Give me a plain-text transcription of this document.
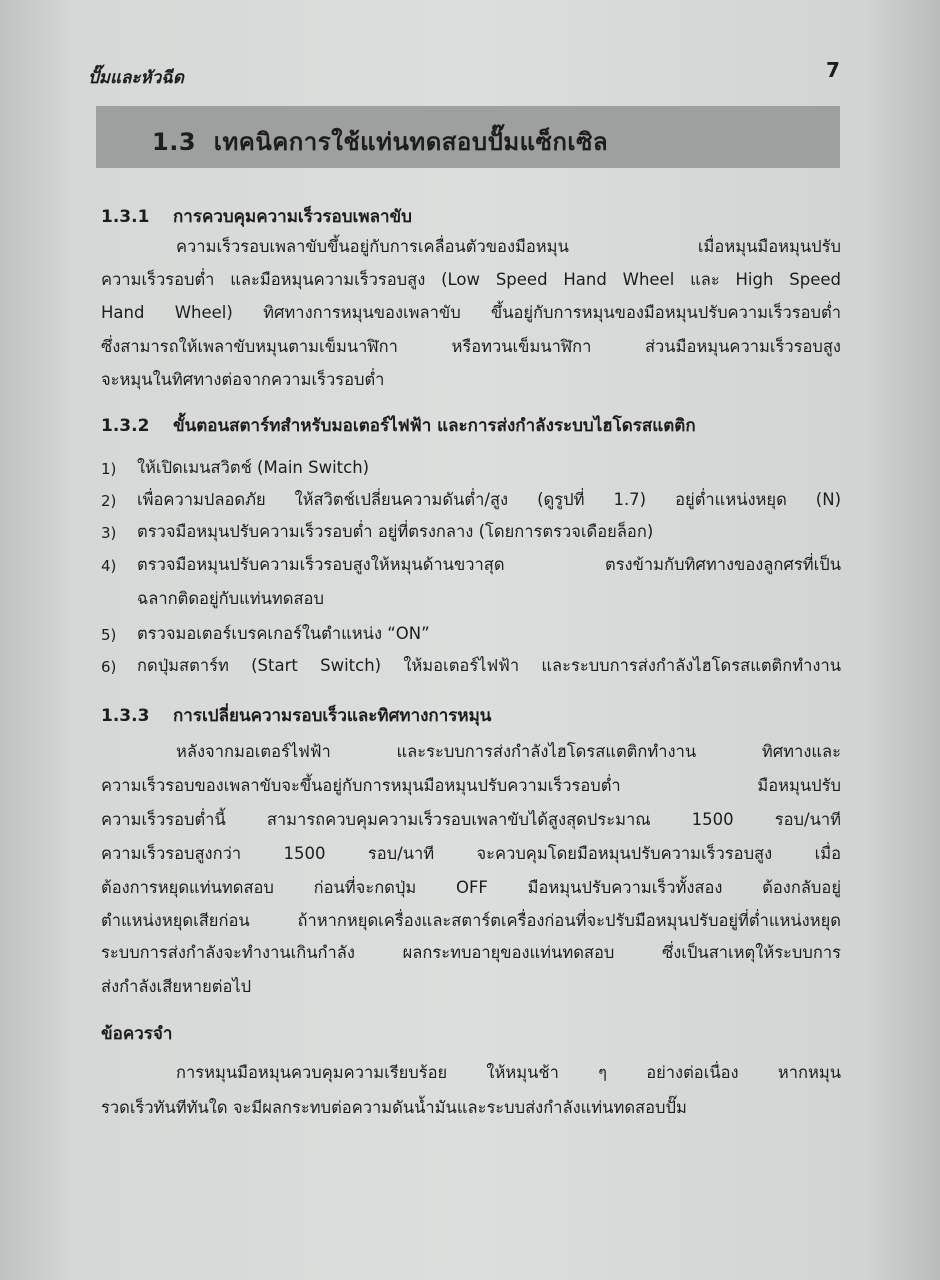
ปั๊มและหัวฉีด	7
1.3 เทคนิคการใช้แท่นทดสอบปั๊มแซ็กเซิล
1.3.1 การควบคุมความเร็วรอบเพลาขับ
ความเร็วรอบเพลาขับขึ้นอยู่กับการเคลื่อนตัวของมือหมุน เมื่อหมุนมือหมุนปรับ
ความเร็วรอบต่ำ และมือหมุนความเร็วรอบสูง (Low Speed Hand Wheel และ High Speed
Hand Wheel) ทิศทางการหมุนของเพลาขับ ขึ้นอยู่กับการหมุนของมือหมุนปรับความเร็วรอบต่ำ
ซึ่งสามารถให้เพลาขับหมุนตามเข็มนาฬิกา หรือทวนเข็มนาฬิกา ส่วนมือหมุนความเร็วรอบสูง
จะหมุนในทิศทางต่อจากความเร็วรอบต่ำ
1.3.2 ขั้นตอนสตาร์ทสำหรับมอเตอร์ไฟฟ้า และการส่งกำลังระบบไฮโดรสแตติก
1) ให้เปิดเมนสวิตช์ (Main Switch)
2) เพื่อความปลอดภัย ให้สวิตช์เปลี่ยนความดันต่ำ/สูง (ดูรูปที่ 1.7) อยู่ต่ำแหน่งหยุด (N)
3) ตรวจมือหมุนปรับความเร็วรอบต่ำ อยู่ที่ตรงกลาง (โดยการตรวจเดือยล็อก)
4) ตรวจมือหมุนปรับความเร็วรอบสูงให้หมุนด้านขวาสุด ตรงข้ามกับทิศทางของลูกศรที่เป็น
ฉลากติดอยู่กับแท่นทดสอบ
5) ตรวจมอเตอร์เบรคเกอร์ในตำแหน่ง “ON”
6) กดปุ่มสตาร์ท (Start Switch) ให้มอเตอร์ไฟฟ้า และระบบการส่งกำลังไฮโดรสแตติกทำงาน
1.3.3 การเปลี่ยนความรอบเร็วและทิศทางการหมุน
หลังจากมอเตอร์ไฟฟ้า และระบบการส่งกำลังไฮโดรสแตติกทำงาน ทิศทางและ
ความเร็วรอบของเพลาขับจะขึ้นอยู่กับการหมุนมือหมุนปรับความเร็วรอบต่ำ มือหมุนปรับ
ความเร็วรอบต่ำนี้ สามารถควบคุมความเร็วรอบเพลาขับได้สูงสุดประมาณ 1500 รอบ/นาที
ความเร็วรอบสูงกว่า 1500 รอบ/นาที จะควบคุมโดยมือหมุนปรับความเร็วรอบสูง เมื่อ
ต้องการหยุดแท่นทดสอบ ก่อนที่จะกดปุ่ม OFF มือหมุนปรับความเร็วทั้งสอง ต้องกลับอยู่
ตำแหน่งหยุดเสียก่อน ถ้าหากหยุดเครื่องและสตาร์ตเครื่องก่อนที่จะปรับมือหมุนปรับอยู่ที่ต่ำแหน่งหยุด
ระบบการส่งกำลังจะทำงานเกินกำลัง ผลกระทบอายุของแท่นทดสอบ ซึ่งเป็นสาเหตุให้ระบบการ
ส่งกำลังเสียหายต่อไป
ข้อควรจำ
การหมุนมือหมุนควบคุมความเรียบร้อย ให้หมุนช้า ๆ อย่างต่อเนื่อง หากหมุน
รวดเร็วทันทีทันใด จะมีผลกระทบต่อความดันน้ำมันและระบบส่งกำลังแท่นทดสอบปั๊ม
